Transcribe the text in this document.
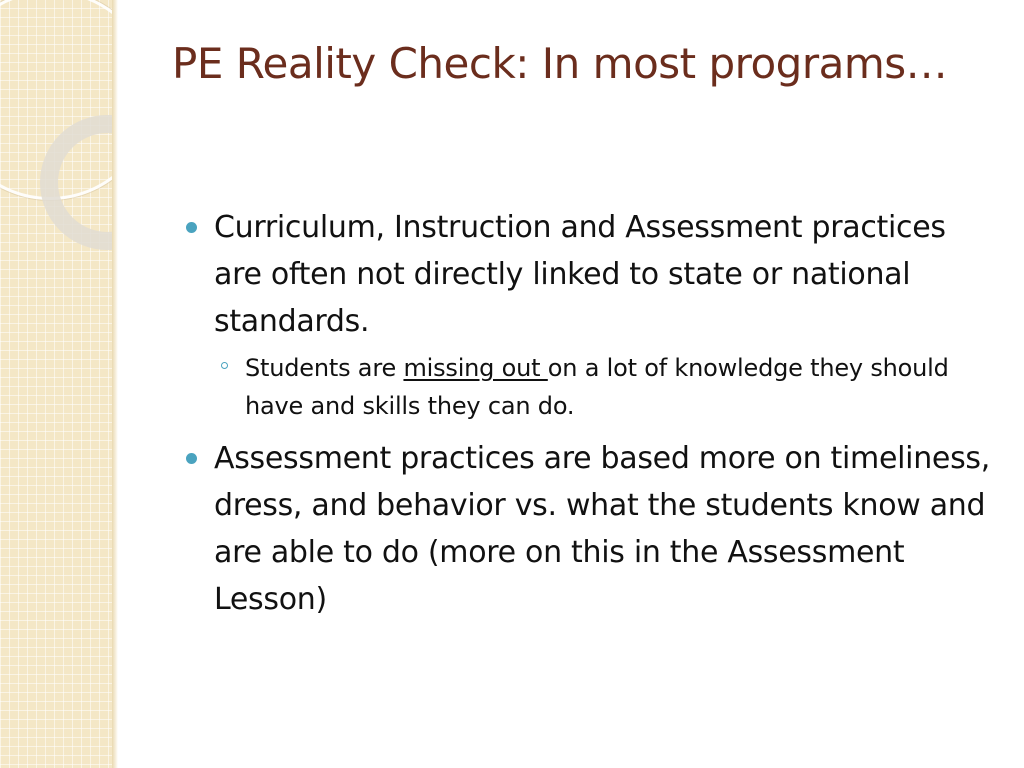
PE Reality Check: In most programs…
Curriculum, Instruction and Assessment practices are often not directly linked to state or national standards.
Students are missing out on a lot of knowledge they should have and skills they can do.
Assessment practices are based more on timeliness, dress, and behavior vs. what the students know and are able to do (more on this in the Assessment Lesson)
